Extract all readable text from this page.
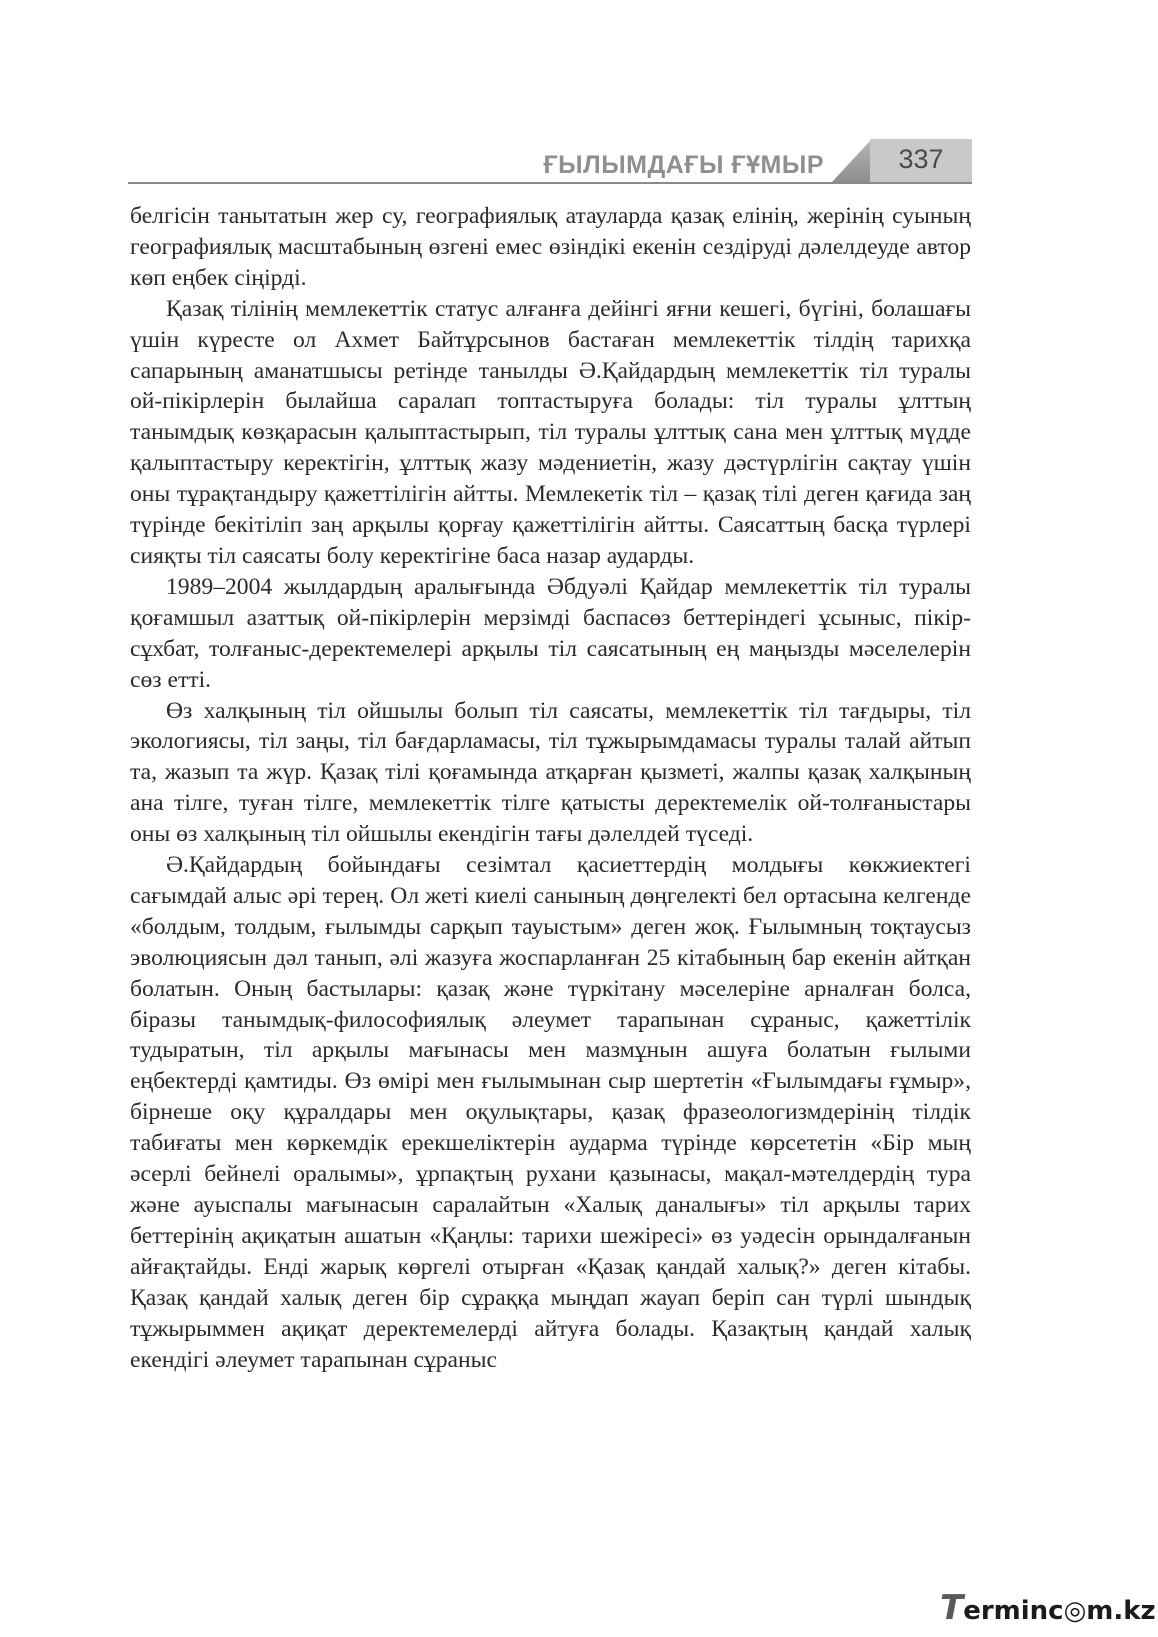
ҒЫЛЫМДАҒЫ ҒҰМЫР	337

белгісін танытатын жер су, географиялық атауларда қазақ елінің, жерінің суының географиялық масштабының өзгені емес өзіндікі екенін сездіруді дәлелдеуде автор көп еңбек сіңірді.

Қазақ тілінің мемлекеттік статус алғанға дейінгі яғни кешегі, бүгіні, болашағы үшін күресте ол Ахмет Байтұрсынов бастаған мемлекеттік тілдің тарихқа сапарының аманатшысы ретінде танылды Ә.Қайдардың мемлекеттік тіл туралы ой-пікірлерін былайша саралап топтастыруға болады: тіл туралы ұлттың танымдық көзқарасын қалыптастырып, тіл туралы ұлттық сана мен ұлттық мүдде қалыптастыру керектігін, ұлттық жазу мәдениетін, жазу дәстүрлігін сақтау үшін оны тұрақтандыру қажеттілігін айтты. Мемлекетік тіл – қазақ тілі деген қағида заң түрінде бекітіліп заң арқылы қорғау қажеттілігін айтты. Саясаттың басқа түрлері сияқты тіл саясаты болу керектігіне баса назар аударды.

1989–2004 жылдардың аралығында Әбдуәлі Қайдар мемлекеттік тіл туралы қоғамшыл азаттық ой-пікірлерін мерзімді баспасөз беттеріндегі ұсыныс, пікір-сұхбат, толғаныс-деректемелері арқылы тіл саясатының ең маңызды мәселелерін сөз етті.

Өз халқының тіл ойшылы болып тіл саясаты, мемлекеттік тіл тағдыры, тіл экологиясы, тіл заңы, тіл бағдарламасы, тіл тұжырымдамасы туралы талай айтып та, жазып та жүр. Қазақ тілі қоғамында атқарған қызметі, жалпы қазақ халқының ана тілге, туған тілге, мемлекеттік тілге қатысты деректемелік ой-толғаныстары оны өз халқының тіл ойшылы екендігін тағы дәлелдей түседі.

Ә.Қайдардың бойындағы сезімтал қасиеттердің молдығы көкжиектегі сағымдай алыс әрі терең. Ол жеті киелі санының дөңгелекті бел ортасына келгенде «болдым, толдым, ғылымды сарқып тауыстым» деген жоқ. Ғылымның тоқтаусыз эволюциясын дәл танып, әлі жазуға жоспарланған 25 кітабының бар екенін айтқан болатын. Оның бастылары: қазақ және түркітану мәселеріне арналған болса, біразы танымдық-философиялық әлеумет тарапынан сұраныс, қажеттілік тудыратын, тіл арқылы мағынасы мен мазмұнын ашуға болатын ғылыми еңбектерді қамтиды. Өз өмірі мен ғылымынан сыр шертетін «Ғылымдағы ғұмыр», бірнеше оқу құралдары мен оқулықтары, қазақ фразеологизмдерінің тілдік табиғаты мен көркемдік ерекшеліктерін аударма түрінде көрсететін «Бір мың әсерлі бейнелі оралымы», ұрпақтың рухани қазынасы, мақал-мәтелдердің тура және ауыспалы мағынасын саралайтын «Халық даналығы» тіл арқылы тарих беттерінің ақиқатын ашатын «Қаңлы: тарихи шежіресі» өз уәдесін орындалғанын айғақтайды. Енді жарық көргелі отырған «Қазақ қандай халық?» деген кітабы. Қазақ қандай халық деген бір сұраққа мыңдап жауап беріп сан түрлі шындық тұжырыммен ақиқат деректемелерді айтуға болады. Қазақтың қандай халық екендігі әлеумет тарапынан сұраныс

Terminc◎m.kz
